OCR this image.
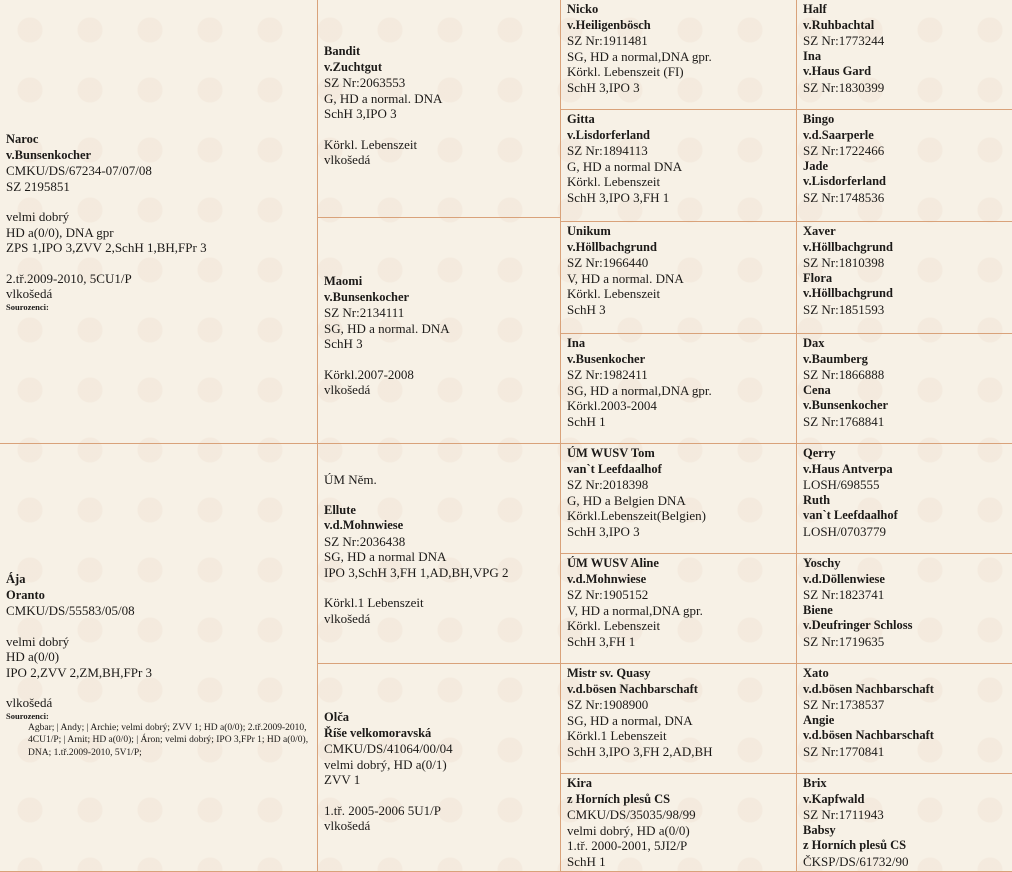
Naroc
v.Bunsenkocher
CMKU/DS/67234-07/07/08
SZ 2195851
velmi dobrý
HD a(0/0), DNA gpr
ZPS 1,IPO 3,ZVV 2,SchH 1,BH,FPr 3
2.tř.2009-2010, 5CU1/P
vlkošedá
Sourozenci:
Ája
Oranto
CMKU/DS/55583/05/08
velmi dobrý
HD a(0/0)
IPO 2,ZVV 2,ZM,BH,FPr 3
vlkošedá
Sourozenci:
Agbar; | Andy; | Archie; velmi dobrý; ZVV 1; HD a(0/0); 2.tř.2009-2010, 4CU1/P; | Arnit; HD a(0/0); | Áron; velmi dobrý; IPO 3,FPr 1; HD a(0/0), DNA; 1.tř.2009-2010, 5V1/P;
Bandit
v.Zuchtgut
SZ Nr:2063553
G, HD a normal. DNA
SchH 3,IPO 3
Körkl. Lebenszeit
vlkošedá
Maomi
v.Bunsenkocher
SZ Nr:2134111
SG, HD a normal. DNA
SchH 3
Körkl.2007-2008
vlkošedá
ÚM Něm.
Ellute
v.d.Mohnwiese
SZ Nr:2036438
SG, HD a normal DNA
IPO 3,SchH 3,FH 1,AD,BH,VPG 2
Körkl.1 Lebenszeit
vlkošedá
Olča
Říše velkomoravská
CMKU/DS/41064/00/04
velmi dobrý, HD a(0/1)
ZVV 1
1.tř. 2005-2006 5U1/P
vlkošedá
Nicko
v.Heiligenbösch
SZ Nr:1911481
SG, HD a normal,DNA gpr.
Körkl. Lebenszeit (FI)
SchH 3,IPO 3
Gitta
v.Lisdorferland
SZ Nr:1894113
G, HD a normal DNA
Körkl. Lebenszeit
SchH 3,IPO 3,FH 1
Unikum
v.Höllbachgrund
SZ Nr:1966440
V, HD a normal. DNA
Körkl. Lebenszeit
SchH 3
Ina
v.Busenkocher
SZ Nr:1982411
SG, HD a normal,DNA gpr.
Körkl.2003-2004
SchH 1
ÚM WUSV Tom
van`t Leefdaalhof
SZ Nr:2018398
G, HD a Belgien DNA
Körkl.Lebenszeit(Belgien)
SchH 3,IPO 3
ÚM WUSV Aline
v.d.Mohnwiese
SZ Nr:1905152
V, HD a normal,DNA gpr.
Körkl. Lebenszeit
SchH 3,FH 1
Mistr sv. Quasy
v.d.bösen Nachbarschaft
SZ Nr:1908900
SG, HD a normal, DNA
Körkl.1 Lebenszeit
SchH 3,IPO 3,FH 2,AD,BH
Kira
z Horních plesů CS
CMKU/DS/35035/98/99
velmi dobrý, HD a(0/0)
1.tř. 2000-2001, 5JI2/P
SchH 1
Half
v.Ruhbachtal
SZ Nr:1773244
Ina
v.Haus Gard
SZ Nr:1830399
Bingo
v.d.Saarperle
SZ Nr:1722466
Jade
v.Lisdorferland
SZ Nr:1748536
Xaver
v.Höllbachgrund
SZ Nr:1810398
Flora
v.Höllbachgrund
SZ Nr:1851593
Dax
v.Baumberg
SZ Nr:1866888
Cena
v.Bunsenkocher
SZ Nr:1768841
Qerry
v.Haus Antverpa
LOSH/698555
Ruth
van`t Leefdaalhof
LOSH/0703779
Yoschy
v.d.Döllenwiese
SZ Nr:1823741
Biene
v.Deufringer Schloss
SZ Nr:1719635
Xato
v.d.bösen Nachbarschaft
SZ Nr:1738537
Angie
v.d.bösen Nachbarschaft
SZ Nr:1770841
Brix
v.Kapfwald
SZ Nr:1711943
Babsy
z Horních plesů CS
ČKSP/DS/61732/90
